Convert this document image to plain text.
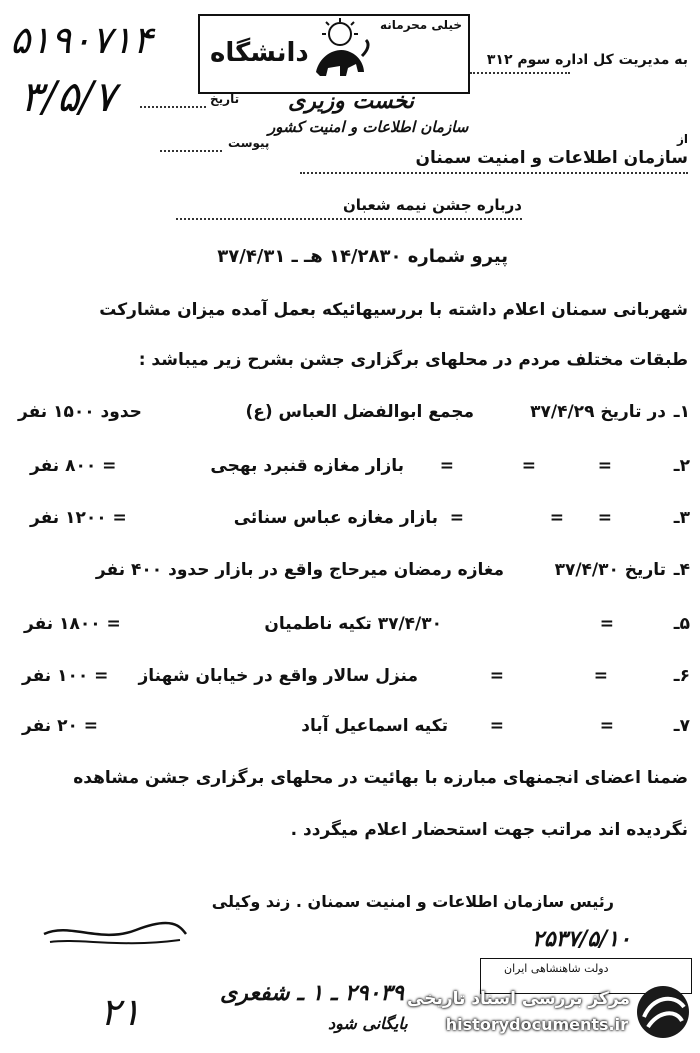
۵۱۹۰۷۱۴
۳/۵/۷
خیلی محرمانه
دانشگاه	به مدیریت کل اداره سوم ۳۱۲
تاریخ
پیوست
نخست وزیری
سازمان اطلاعات و امنیت کشور
از
سازمان اطلاعات و امنیت سمنان
درباره جشن نیمه شعبان
پیرو شماره ۱۴/۲۸۳۰ هـ ـ ۳۷/۴/۳۱
شهربانی سمنان اعلام داشته با بررسیهائیکه بعمل آمده میزان مشارکت
طبقات مختلف مردم در محلهای برگزاری جشن بشرح زیر میباشد :
۱ـ
در تاریخ ۳۷/۴/۲۹
مجمع ابوالفضل العباس (ع)
حدود ۱۵۰۰ نفر
۲ـ
=
=
=
بازار مغازه قنبرد بهجی
= ۸۰۰ نفر
۳ـ
=
=
=
بازار مغازه عباس سنائی
= ۱۲۰۰ نفر
۴ـ
تاریخ ۳۷/۴/۳۰
مغازه رمضان میرحاج واقع در بازار حدود ۴۰۰ نفر
۵ـ
=
۳۷/۴/۳۰ تکیه ناطمیان
= ۱۸۰۰ نفر
۶ـ
=
=
منزل سالار واقع در خیابان شهناز
= ۱۰۰ نفر
۷ـ
=
=
تکیه اسماعیل آباد
= ۲۰ نفر
ضمنا اعضای انجمنهای مبارزه با بهائیت در محلهای برگزاری جشن مشاهده
نگردیده اند مراتب جهت استحضار اعلام میگردد .
رئیس سازمان اطلاعات و امنیت سمنان . زند وکیلی
۲۵۳۷/۵/۱۰
۲۹۰۳۹ ـ ۱ ـ شفعری
۲۱
دولت شاهنشاهی ایران
بایگانی شود
مرکز بررسی اسناد تاریخی
historydocuments.ir
